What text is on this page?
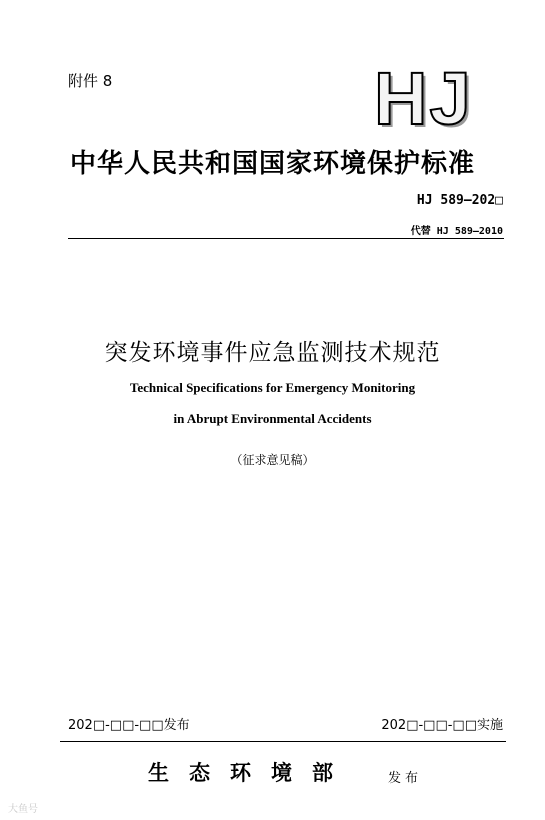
附件 8	HJ
中华人民共和国国家环境保护标准
HJ 589—202□
代替 HJ 589—2010
突发环境事件应急监测技术规范
Technical Specifications for Emergency Monitoring
in Abrupt Environmental Accidents
（征求意见稿）
202□-□□-□□发布	202□-□□-□□实施
生态环境部	发布
大鱼号
